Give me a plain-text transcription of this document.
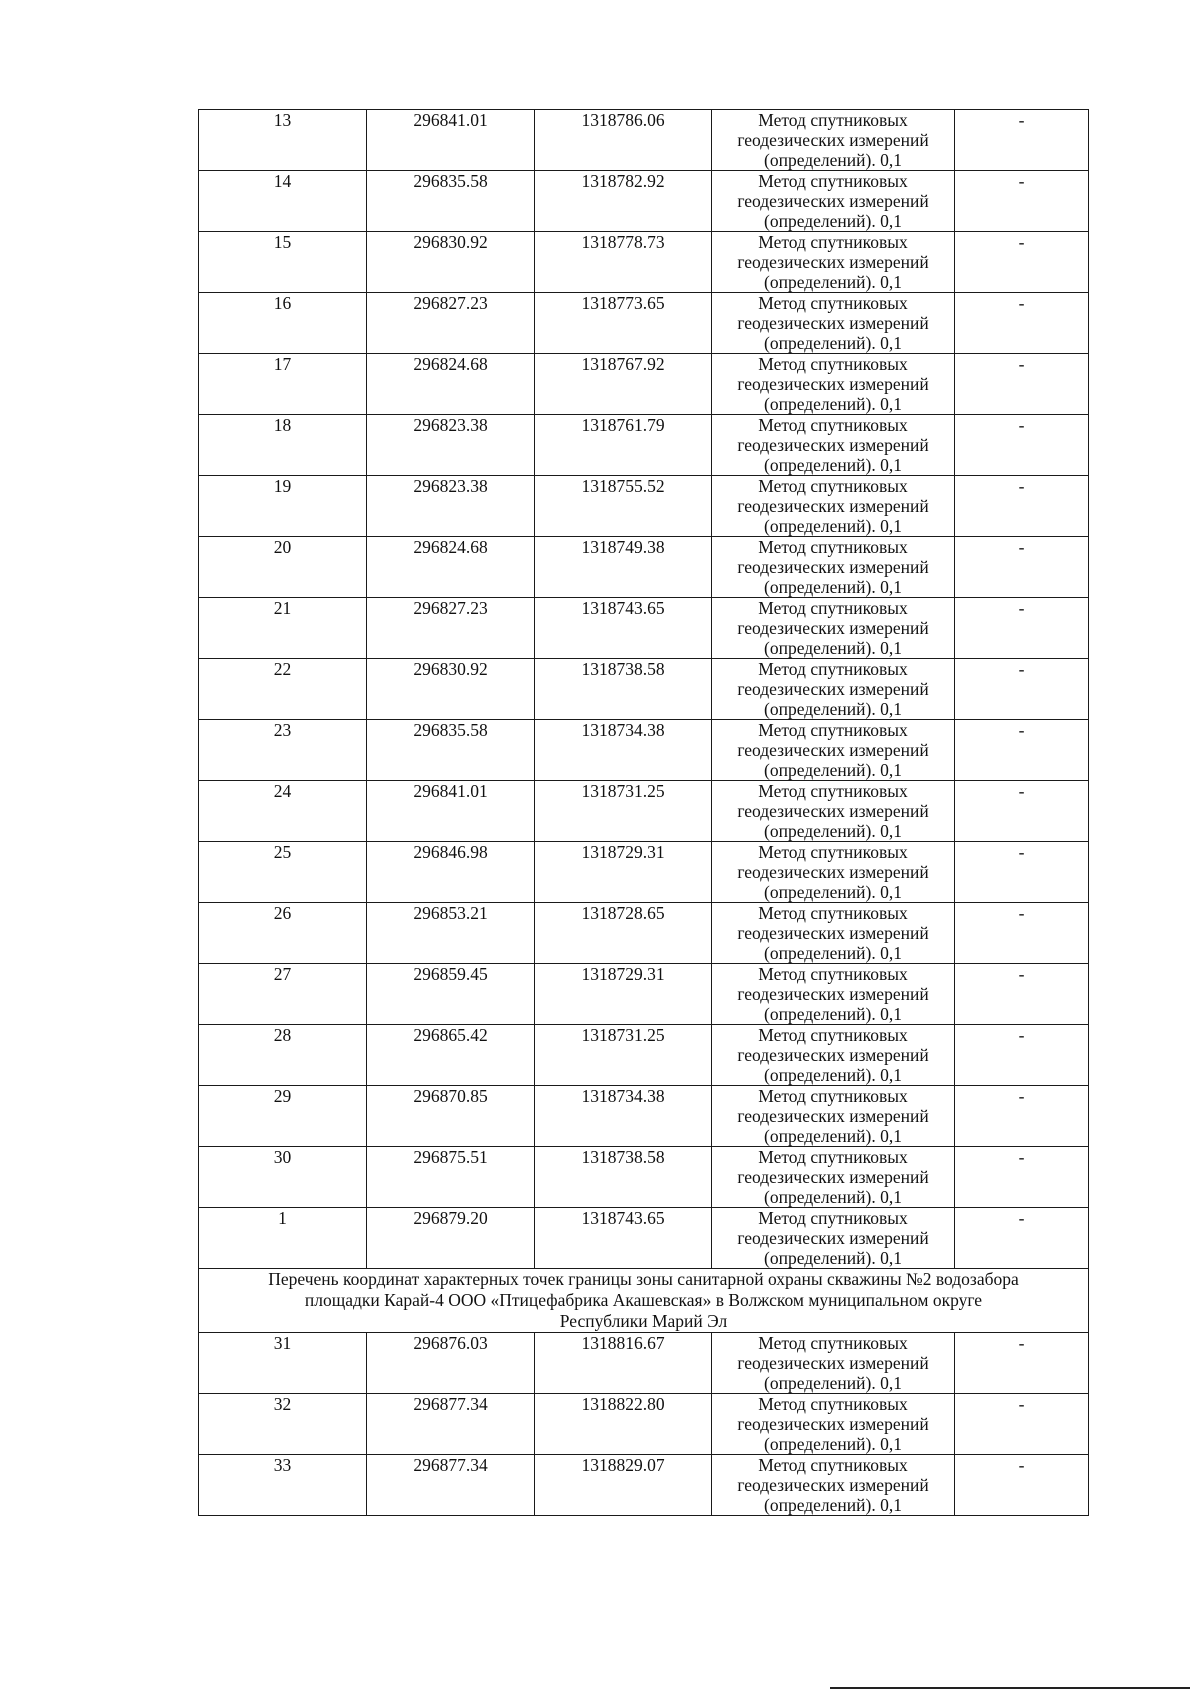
13	296841.01	1318786.06	Метод спутниковых
геодезических измерений
(определений). 0,1	-
14	296835.58	1318782.92	Метод спутниковых
геодезических измерений
(определений). 0,1	-
15	296830.92	1318778.73	Метод спутниковых
геодезических измерений
(определений). 0,1	-
16	296827.23	1318773.65	Метод спутниковых
геодезических измерений
(определений). 0,1	-
17	296824.68	1318767.92	Метод спутниковых
геодезических измерений
(определений). 0,1	-
18	296823.38	1318761.79	Метод спутниковых
геодезических измерений
(определений). 0,1	-
19	296823.38	1318755.52	Метод спутниковых
геодезических измерений
(определений). 0,1	-
20	296824.68	1318749.38	Метод спутниковых
геодезических измерений
(определений). 0,1	-
21	296827.23	1318743.65	Метод спутниковых
геодезических измерений
(определений). 0,1	-
22	296830.92	1318738.58	Метод спутниковых
геодезических измерений
(определений). 0,1	-
23	296835.58	1318734.38	Метод спутниковых
геодезических измерений
(определений). 0,1	-
24	296841.01	1318731.25	Метод спутниковых
геодезических измерений
(определений). 0,1	-
25	296846.98	1318729.31	Метод спутниковых
геодезических измерений
(определений). 0,1	-
26	296853.21	1318728.65	Метод спутниковых
геодезических измерений
(определений). 0,1	-
27	296859.45	1318729.31	Метод спутниковых
геодезических измерений
(определений). 0,1	-
28	296865.42	1318731.25	Метод спутниковых
геодезических измерений
(определений). 0,1	-
29	296870.85	1318734.38	Метод спутниковых
геодезических измерений
(определений). 0,1	-
30	296875.51	1318738.58	Метод спутниковых
геодезических измерений
(определений). 0,1	-
1	296879.20	1318743.65	Метод спутниковых
геодезических измерений
(определений). 0,1	-

Перечень координат характерных точек границы зоны санитарной охраны скважины №2 водозабора
площадки Карай-4 ООО «Птицефабрика Акашевская» в Волжском муниципальном округе
Республики Марий Эл				

31	296876.03	1318816.67	Метод спутниковых
геодезических измерений
(определений). 0,1	-
32	296877.34	1318822.80	Метод спутниковых
геодезических измерений
(определений). 0,1	-
33	296877.34	1318829.07	Метод спутниковых
геодезических измерений
(определений). 0,1	-
